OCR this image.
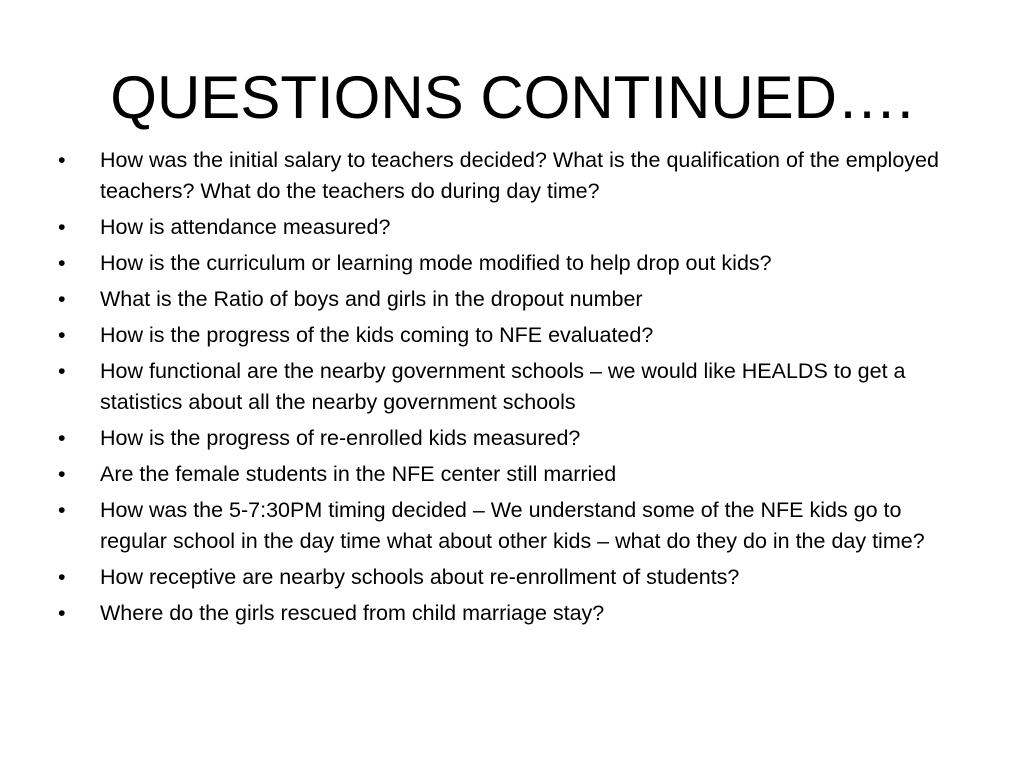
QUESTIONS CONTINUED….
•	How was the initial salary to teachers decided? What is the qualification of the employed teachers? What do the teachers do during day time?
•	How is attendance measured?
•	How is the curriculum or learning mode modified to help drop out kids?
•	What is the Ratio of boys and girls in the dropout number
•	How is the progress of the kids coming to NFE evaluated?
•	How functional are the nearby government schools – we would like HEALDS to get a statistics about all the nearby government schools
•	How is the progress of re-enrolled kids measured?
•	Are the female students in the NFE center still married
•	How was the 5-7:30PM timing decided – We understand some of the NFE kids go to regular school in the day time what about other kids – what do they do in the day time?
•	How receptive are nearby schools about re-enrollment of students?
•	Where do the girls rescued from child marriage stay?
